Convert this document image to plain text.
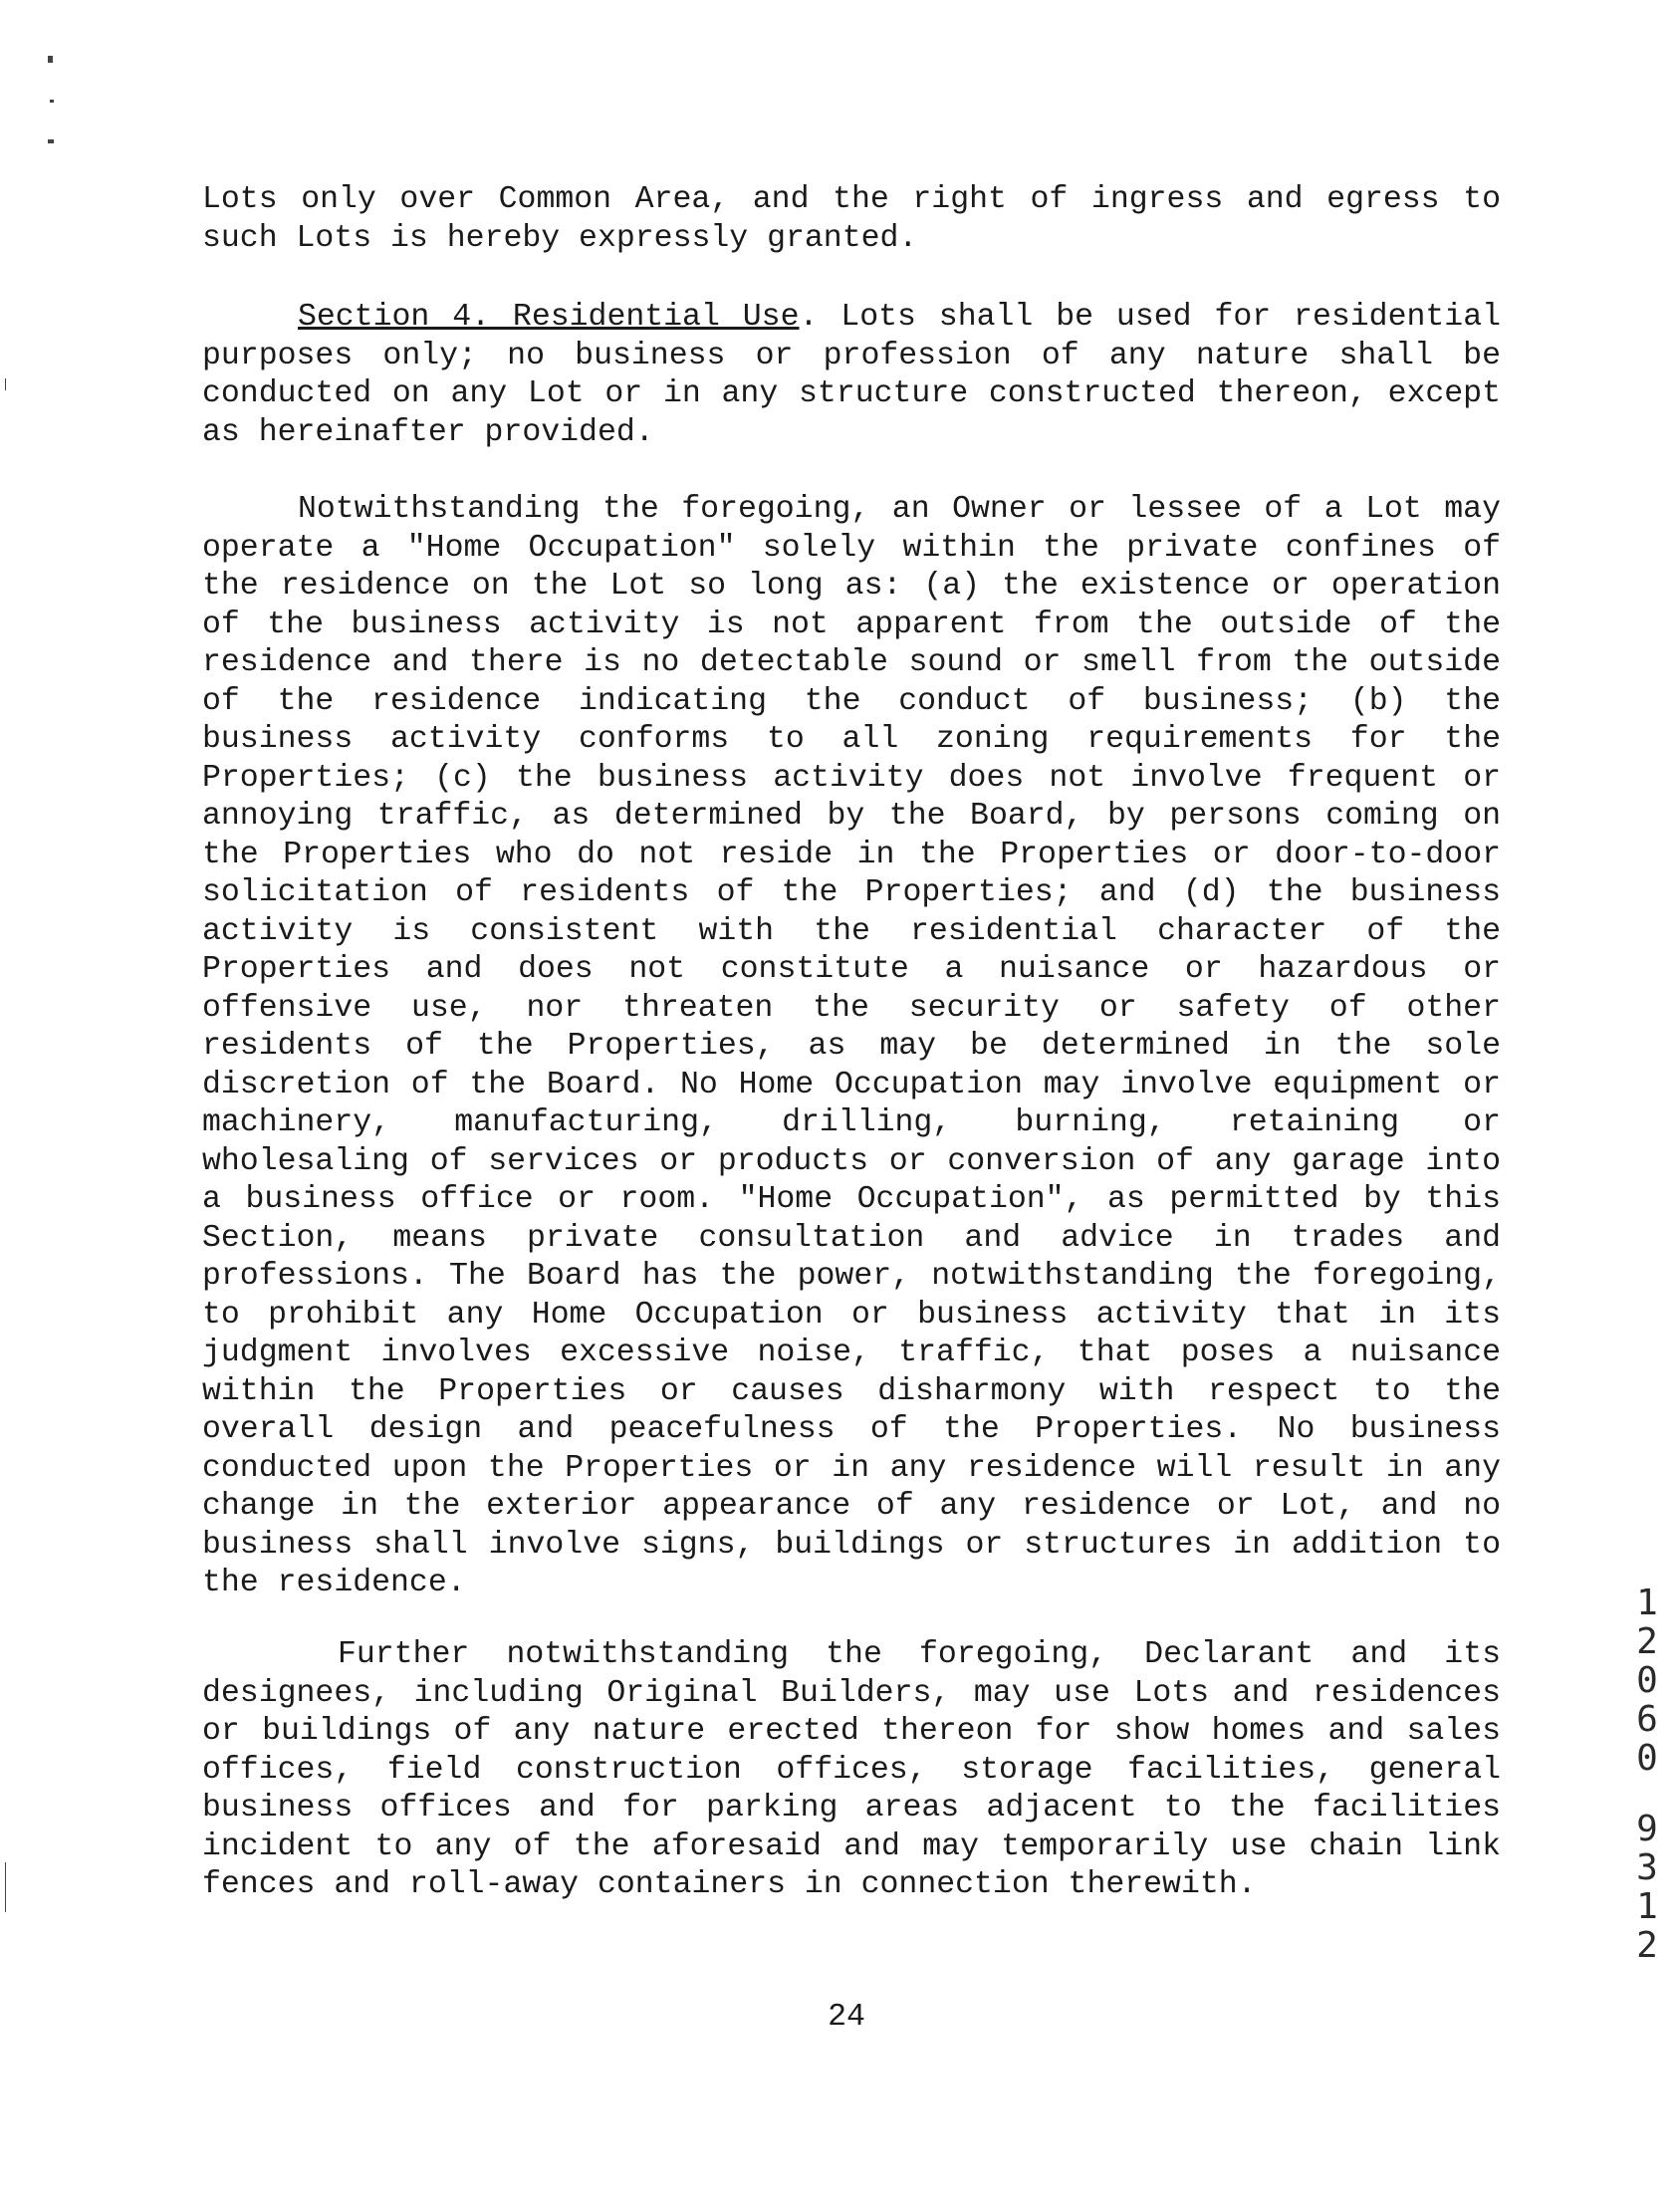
Lots only over Common Area, and the right of ingress and egress to such Lots is hereby expressly granted.

Section 4. Residential Use. Lots shall be used for residential purposes only; no business or profession of any nature shall be conducted on any Lot or in any structure constructed thereon, except as hereinafter provided.

Notwithstanding the foregoing, an Owner or lessee of a Lot may operate a "Home Occupation" solely within the private confines of the residence on the Lot so long as: (a) the existence or operation of the business activity is not apparent from the outside of the residence and there is no detectable sound or smell from the outside of the residence indicating the conduct of business; (b) the business activity conforms to all zoning requirements for the Properties; (c) the business activity does not involve frequent or annoying traffic, as determined by the Board, by persons coming on the Properties who do not reside in the Properties or door-to-door solicitation of residents of the Properties; and (d) the business activity is consistent with the residential character of the Properties and does not constitute a nuisance or hazardous or offensive use, nor threaten the security or safety of other residents of the Properties, as may be determined in the sole discretion of the Board. No Home Occupation may involve equipment or machinery, manufacturing, drilling, burning, retaining or wholesaling of services or products or conversion of any garage into a business office or room. "Home Occupation", as permitted by this Section, means private consultation and advice in trades and professions. The Board has the power, notwithstanding the foregoing, to prohibit any Home Occupation or business activity that in its judgment involves excessive noise, traffic, that poses a nuisance within the Properties or causes disharmony with respect to the overall design and peacefulness of the Properties. No business conducted upon the Properties or in any residence will result in any change in the exterior appearance of any residence or Lot, and no business shall involve signs, buildings or structures in addition to the residence.

Further notwithstanding the foregoing, Declarant and its designees, including Original Builders, may use Lots and residences or buildings of any nature erected thereon for show homes and sales offices, field construction offices, storage facilities, general business offices and for parking areas adjacent to the facilities incident to any of the aforesaid and may temporarily use chain link fences and roll-away containers in connection therewith.

24

1
2
0
6
0
9
3
1
2
